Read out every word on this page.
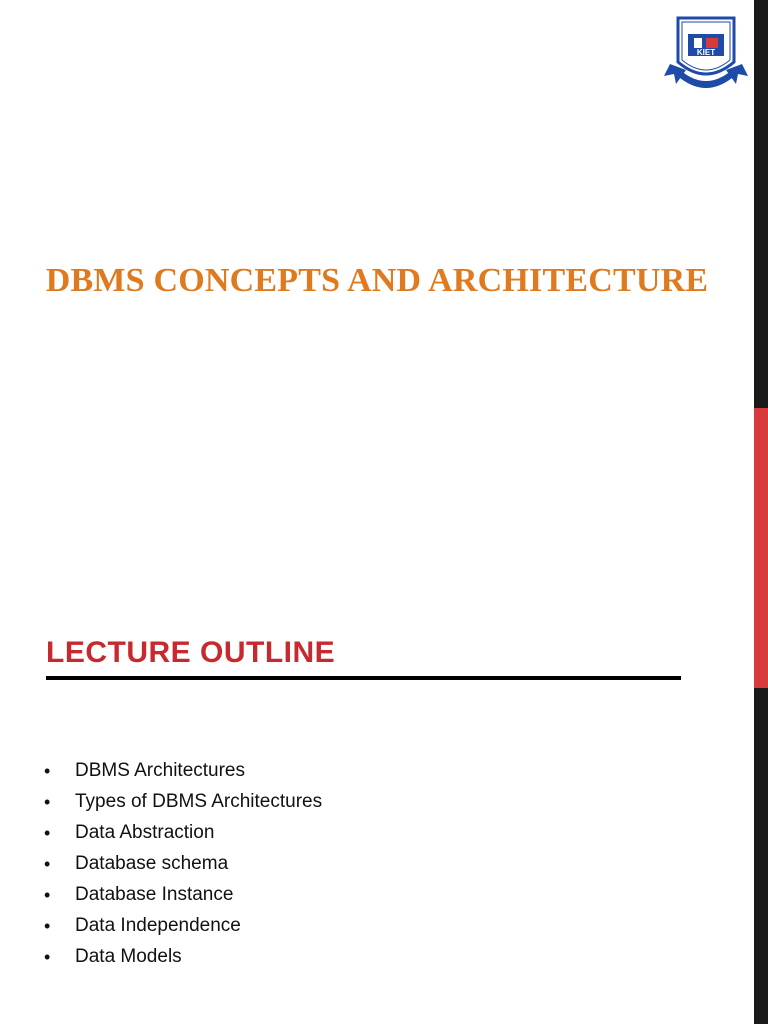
KIET
DBMS CONCEPTS AND ARCHITECTURE
LECTURE OUTLINE
• DBMS Architectures
• Types of DBMS Architectures
• Data Abstraction
• Database schema
• Database Instance
• Data Independence
• Data Models
